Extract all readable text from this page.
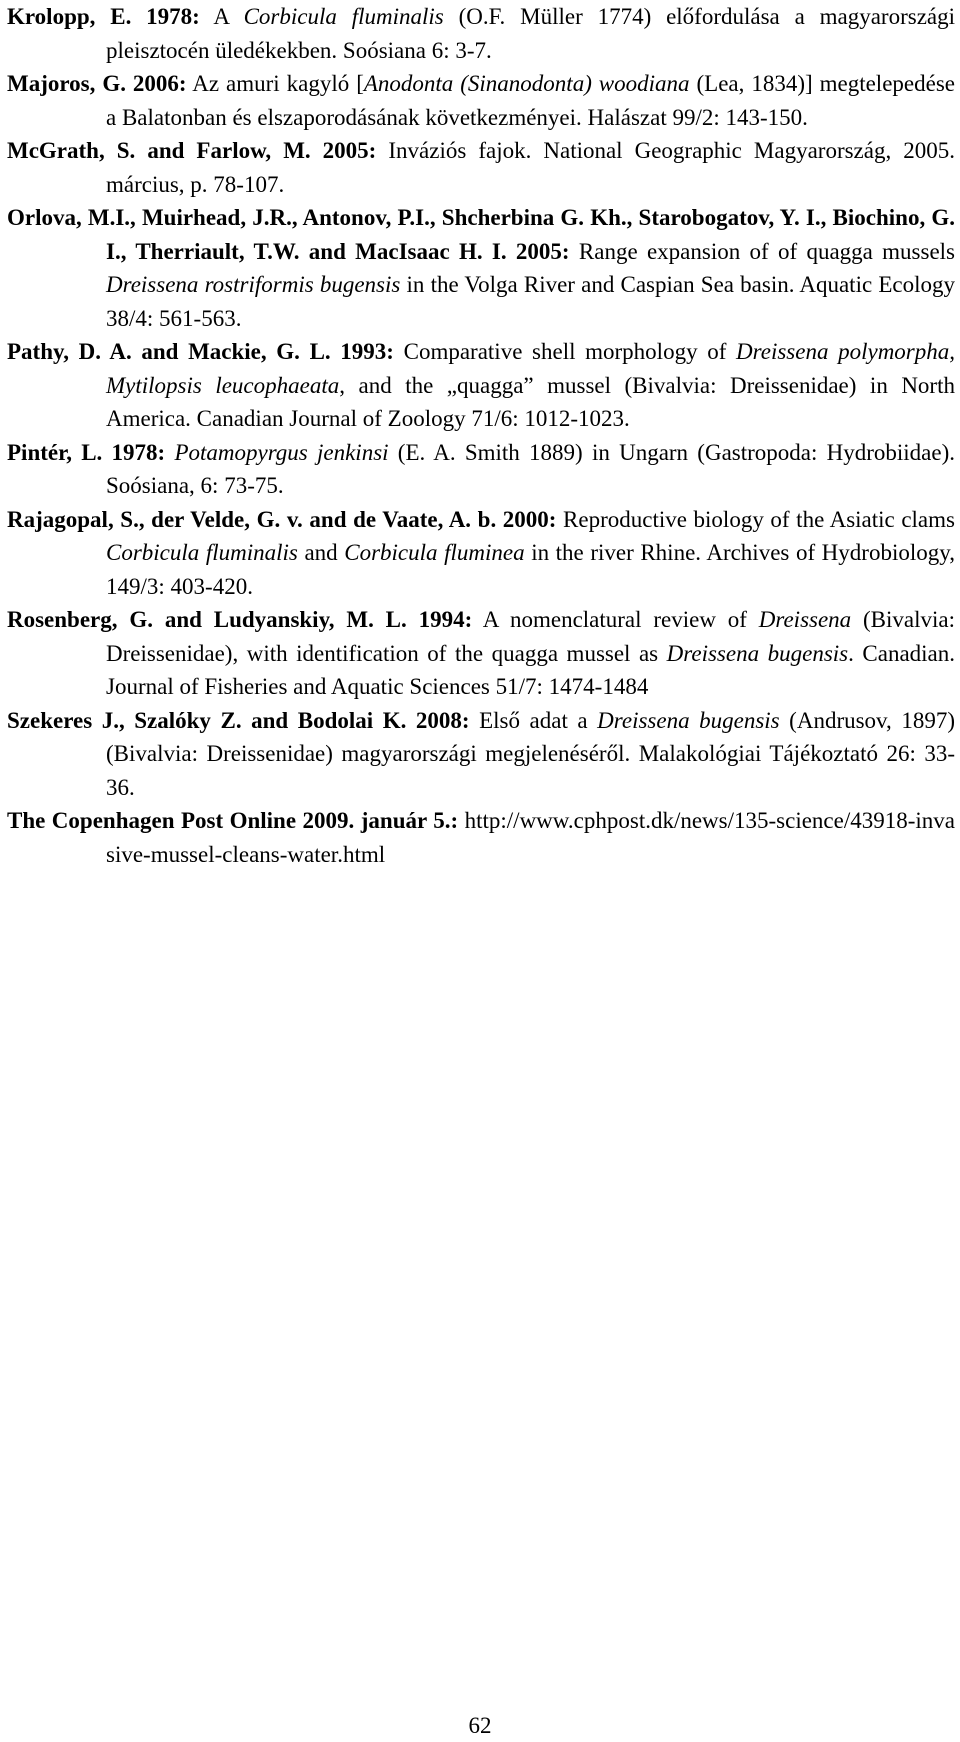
Krolopp, E. 1978: A Corbicula fluminalis (O.F. Müller 1774) előfordulása a magyarországi pleisztocén üledékekben. Soósiana 6: 3-7.
Majoros, G. 2006: Az amuri kagyló [Anodonta (Sinanodonta) woodiana (Lea, 1834)] megtelepedése a Balatonban és elszaporodásának következményei. Halászat 99/2: 143-150.
McGrath, S. and Farlow, M. 2005: Inváziós fajok. National Geographic Magyarország, 2005. március, p. 78-107.
Orlova, M.I., Muirhead, J.R., Antonov, P.I., Shcherbina G. Kh., Starobogatov, Y. I., Biochino, G. I., Therriault, T.W. and MacIsaac H. I. 2005: Range expansion of of quagga mussels Dreissena rostriformis bugensis in the Volga River and Caspian Sea basin. Aquatic Ecology 38/4: 561-563.
Pathy, D. A. and Mackie, G. L. 1993: Comparative shell morphology of Dreissena polymorpha, Mytilopsis leucophaeata, and the „quagga” mussel (Bivalvia: Dreissenidae) in North America. Canadian Journal of Zoology 71/6: 1012-1023.
Pintér, L. 1978: Potamopyrgus jenkinsi (E. A. Smith 1889) in Ungarn (Gastropoda: Hydrobiidae). Soósiana, 6: 73-75.
Rajagopal, S., der Velde, G. v. and de Vaate, A. b. 2000: Reproductive biology of the Asiatic clams Corbicula fluminalis and Corbicula fluminea in the river Rhine. Archives of Hydrobiology, 149/3: 403-420.
Rosenberg, G. and Ludyanskiy, M. L. 1994: A nomenclatural review of Dreissena (Bivalvia: Dreissenidae), with identification of the quagga mussel as Dreissena bugensis. Canadian. Journal of Fisheries and Aquatic Sciences 51/7: 1474-1484
Szekeres J., Szalóky Z. and Bodolai K. 2008: Első adat a Dreissena bugensis (Andrusov, 1897) (Bivalvia: Dreissenidae) magyarországi megjelenéséről. Malakológiai Tájékoztató 26: 33-36.
The Copenhagen Post Online 2009. január 5.: http://www.cphpost.dk/news/135-science/43918-invasive-mussel-cleans-water.html
62
